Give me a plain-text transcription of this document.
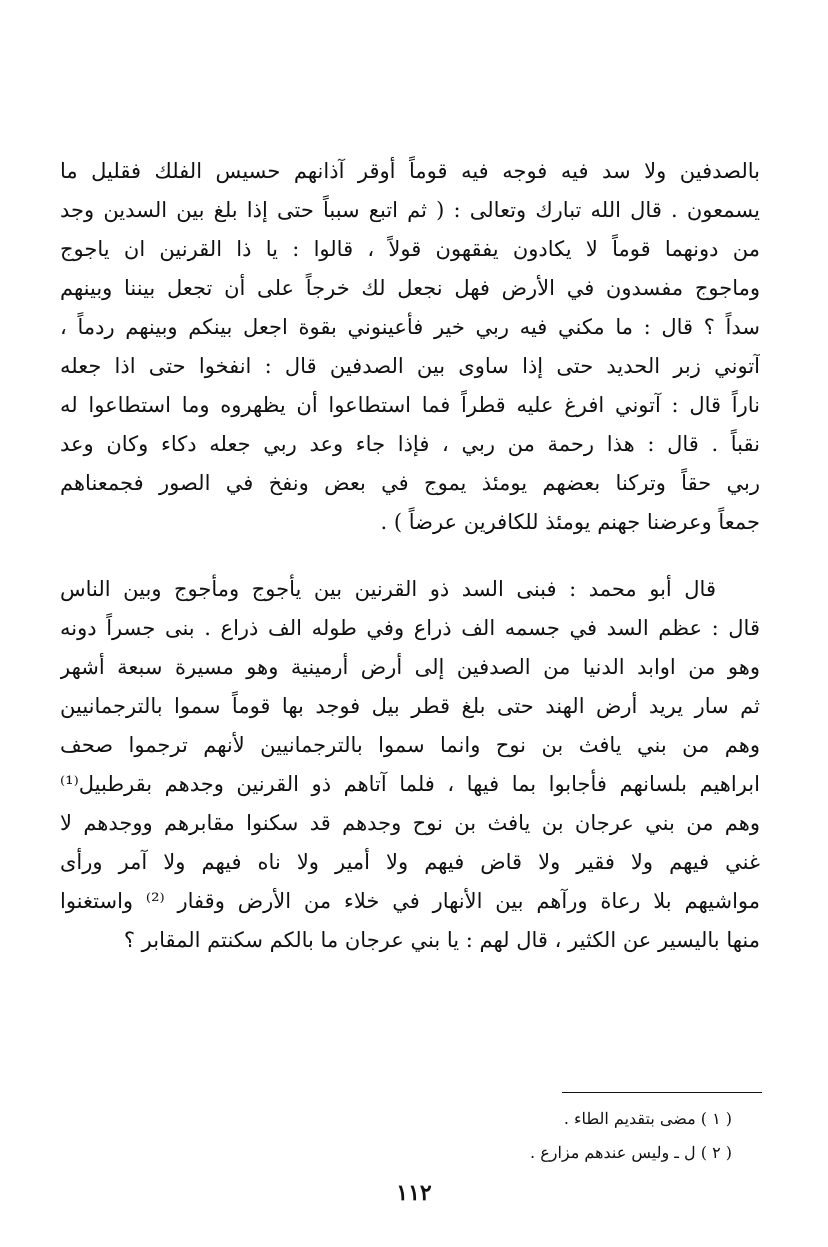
بالصدفين ولا سد فيه فوجه فيه قوماً أوقر آذانهم حسيس الفلك فقليل ما
يسمعون . قال الله تبارك وتعالى : ( ثم اتبع سبباً حتى إذا بلغ بين السدين وجد
من دونهما قوماً لا يكادون يفقهون قولاً ، قالوا : يا ذا القرنين ان ياجوج
وماجوج مفسدون في الأرض فهل نجعل لك خرجاً على أن تجعل بيننا وبينهم
سداً ؟ قال : ما مكني فيه ربي خير فأعينوني بقوة اجعل بينكم وبينهم ردماً ،
آتوني زبر الحديد حتى إذا ساوى بين الصدفين قال : انفخوا حتى اذا جعله
ناراً قال : آتوني افرغ عليه قطراً فما استطاعوا أن يظهروه وما استطاعوا له
نقباً . قال : هذا رحمة من ربي ، فإذا جاء وعد ربي جعله دكاء وكان وعد
ربي حقاً وتركنا بعضهم يومئذ يموج في بعض ونفخ في الصور فجمعناهم
جمعاً وعرضنا جهنم يومئذ للكافرين عرضاً ) .
قال أبو محمد : فبنى السد ذو القرنين بين يأجوج ومأجوج وبين الناس
قال : عظم السد في جسمه الف ذراع وفي طوله الف ذراع . بنى جسراً دونه
وهو من اوابد الدنيا من الصدفين إلى أرض أرمينية وهو مسيرة سبعة أشهر
ثم سار يريد أرض الهند حتى بلغ قطر بيل فوجد بها قوماً سموا بالترجمانيين
وهم من بني يافث بن نوح وانما سموا بالترجمانيين لأنهم ترجموا صحف
ابراهيم بلسانهم فأجابوا بما فيها ، فلما آتاهم ذو القرنين وجدهم بقرطبيل⁽¹⁾
وهم من بني عرجان بن يافث بن نوح وجدهم قد سكنوا مقابرهم ووجدهم لا
غني فيهم ولا فقير ولا قاض فيهم ولا أمير ولا ناه فيهم ولا آمر ورأى
مواشيهم بلا رعاة ورآهم بين الأنهار في خلاء من الأرض وقفار ⁽²⁾ واستغنوا
منها باليسير عن الكثير ، قال لهم : يا بني عرجان ما بالكم سكنتم المقابر ؟
( ١ ) مضى بتقديم الطاء .
( ٢ ) ل ـ وليس عندهم مزارع .
١١٢
